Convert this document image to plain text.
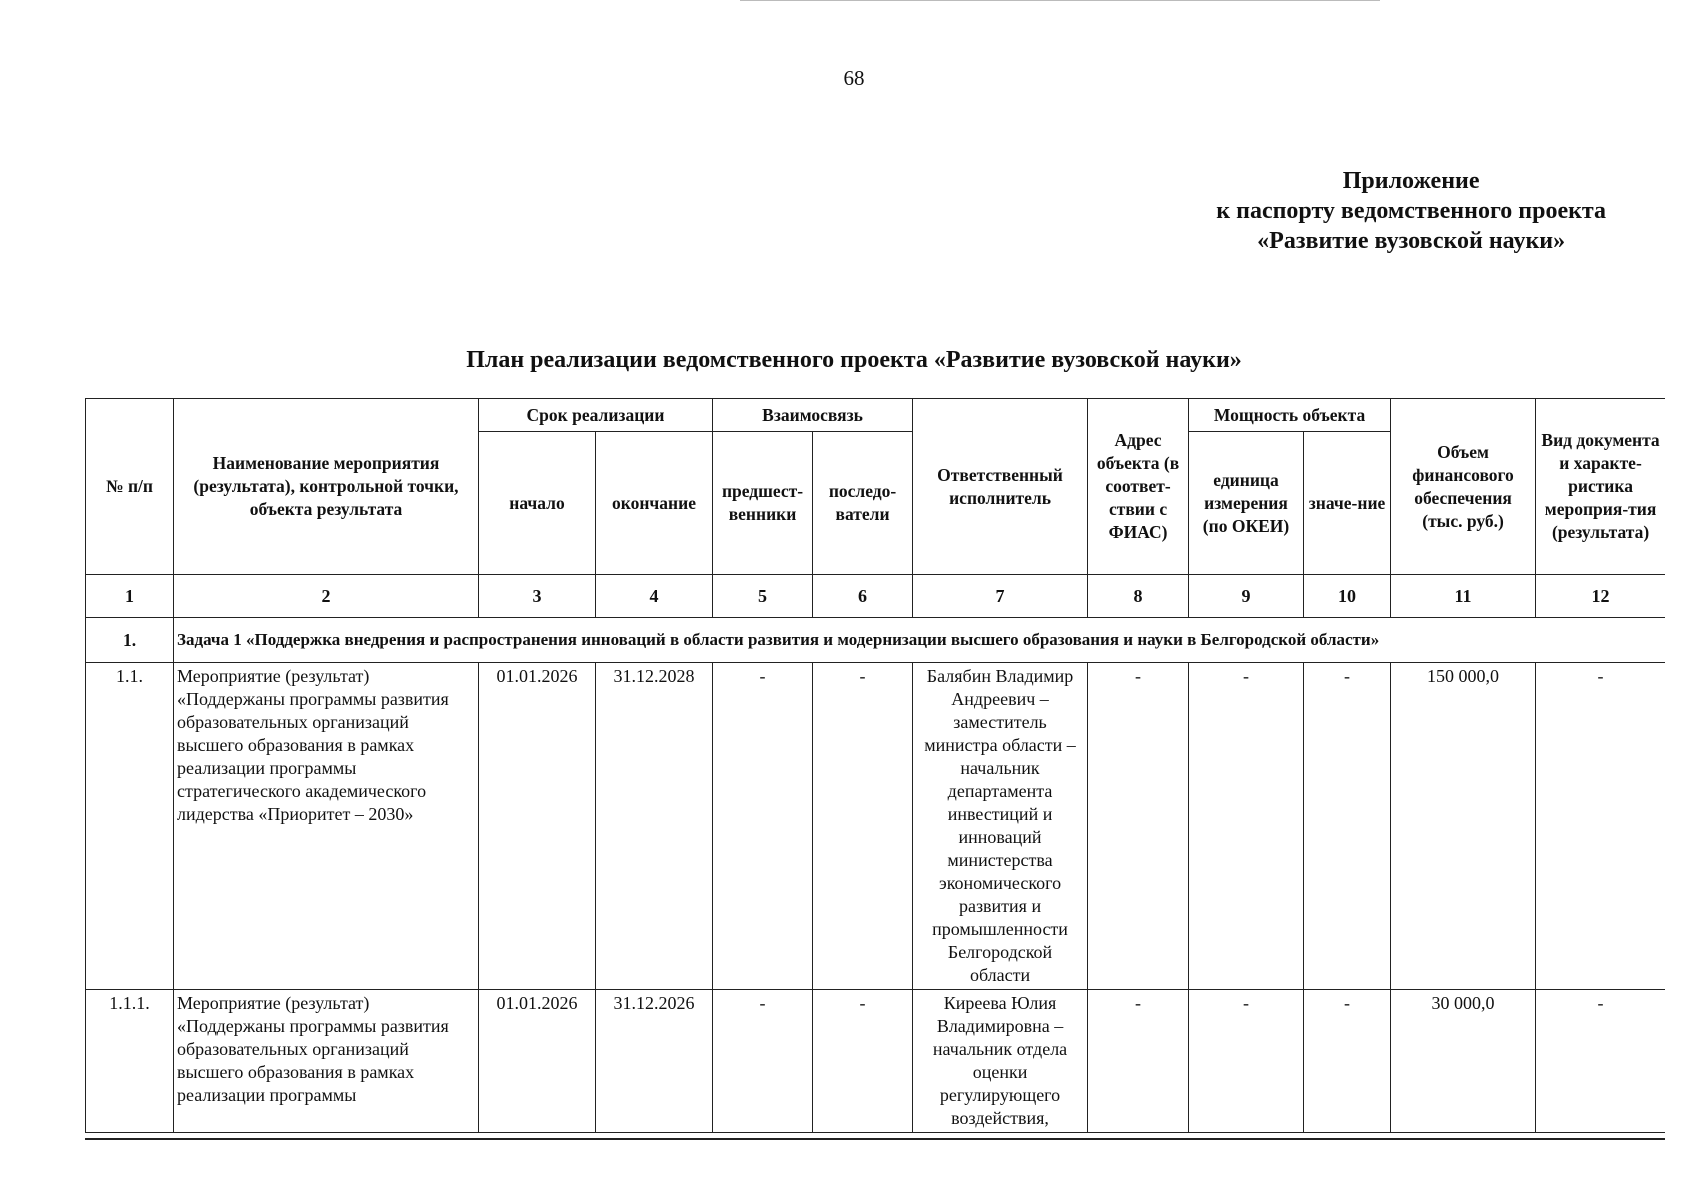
68
Приложение
к паспорту ведомственного проекта
«Развитие вузовской науки»
План реализации ведомственного проекта «Развитие вузовской науки»
№ п/п	Наименование мероприятия (результата), контрольной точки, объекта результата	Срок реализации		Взаимосвязь		Ответственный исполнитель	Адрес объекта (в соответ-ствии с ФИАС)	Мощность объекта		Объем финансового обеспечения (тыс. руб.)	Вид документа и характе-ристика мероприя-тия (результата)
		начало	окончание	предшест-венники	последо-ватели			единица измерения (по ОКЕИ)	значе-ние		
1	2	3	4	5	6	7	8	9	10	11	12
1.	Задача 1 «Поддержка внедрения и распространения инноваций в области развития и модернизации высшего образования и науки в Белгородской области»										
1.1.	Мероприятие (результат) «Поддержаны программы развития образовательных организаций высшего образования в рамках реализации программы стратегического академического лидерства «Приоритет – 2030»	01.01.2026	31.12.2028	-	-	Балябин Владимир Андреевич – заместитель министра области – начальник департамента инвестиций и инноваций министерства экономического развития и промышленности Белгородской области	-	-	-	150 000,0	-
1.1.1.	Мероприятие (результат) «Поддержаны программы развития образовательных организаций высшего образования в рамках реализации программы	01.01.2026	31.12.2026	-	-	Киреева Юлия Владимировна – начальник отдела оценки регулирующего воздействия,	-	-	-	30 000,0	-
